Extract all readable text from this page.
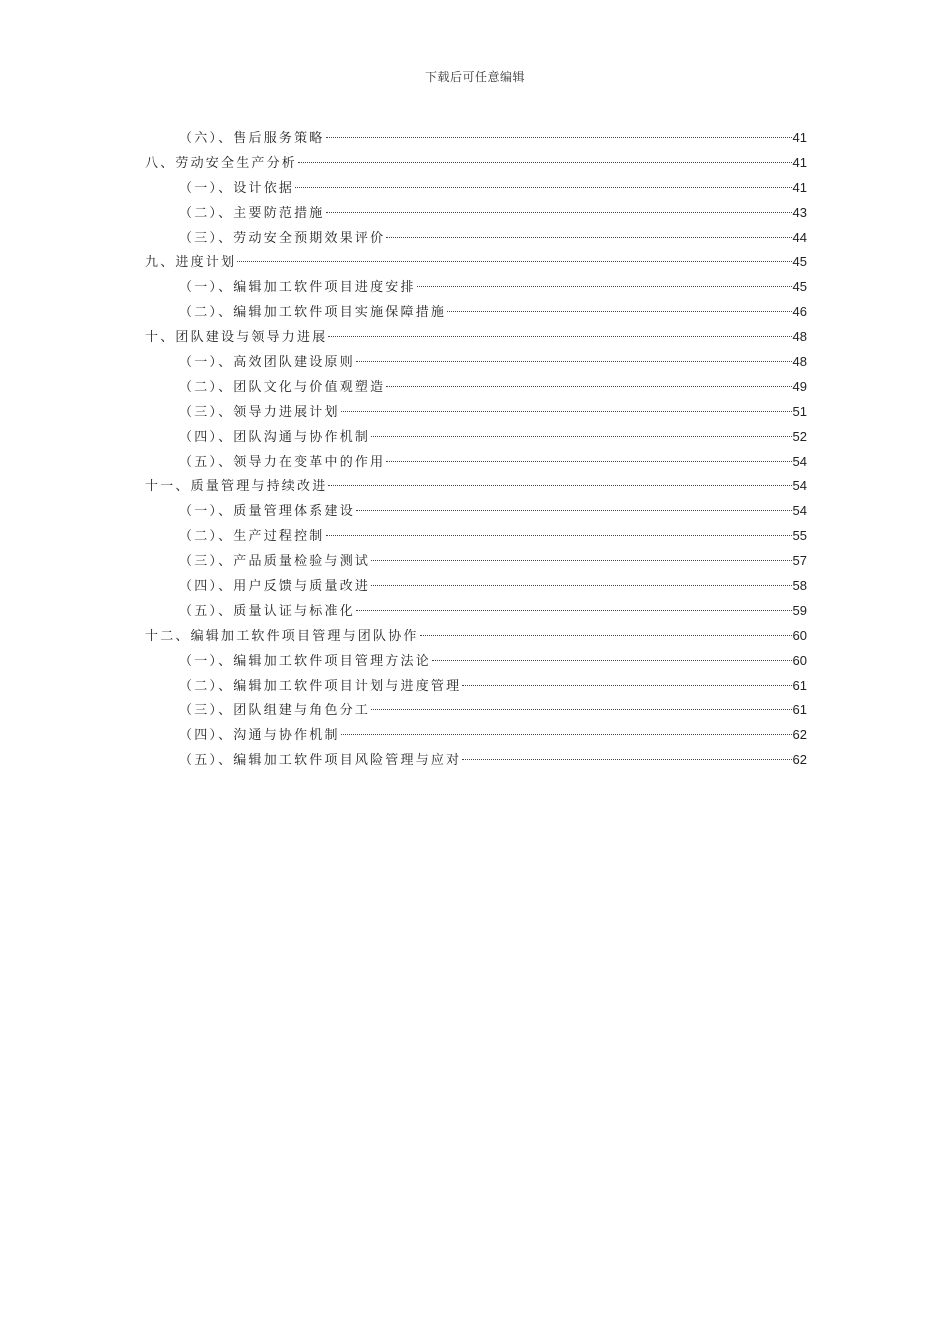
下载后可任意编辑
（六）、售后服务策略	41
八、劳动安全生产分析	41
（一）、设计依据	41
（二）、主要防范措施	43
（三）、劳动安全预期效果评价	44
九、进度计划	45
（一）、编辑加工软件项目进度安排	45
（二）、编辑加工软件项目实施保障措施	46
十、团队建设与领导力进展	48
（一）、高效团队建设原则	48
（二）、团队文化与价值观塑造	49
（三）、领导力进展计划	51
（四）、团队沟通与协作机制	52
（五）、领导力在变革中的作用	54
十一、质量管理与持续改进	54
（一）、质量管理体系建设	54
（二）、生产过程控制	55
（三）、产品质量检验与测试	57
（四）、用户反馈与质量改进	58
（五）、质量认证与标准化	59
十二、编辑加工软件项目管理与团队协作	60
（一）、编辑加工软件项目管理方法论	60
（二）、编辑加工软件项目计划与进度管理	61
（三）、团队组建与角色分工	61
（四）、沟通与协作机制	62
（五）、编辑加工软件项目风险管理与应对	62
